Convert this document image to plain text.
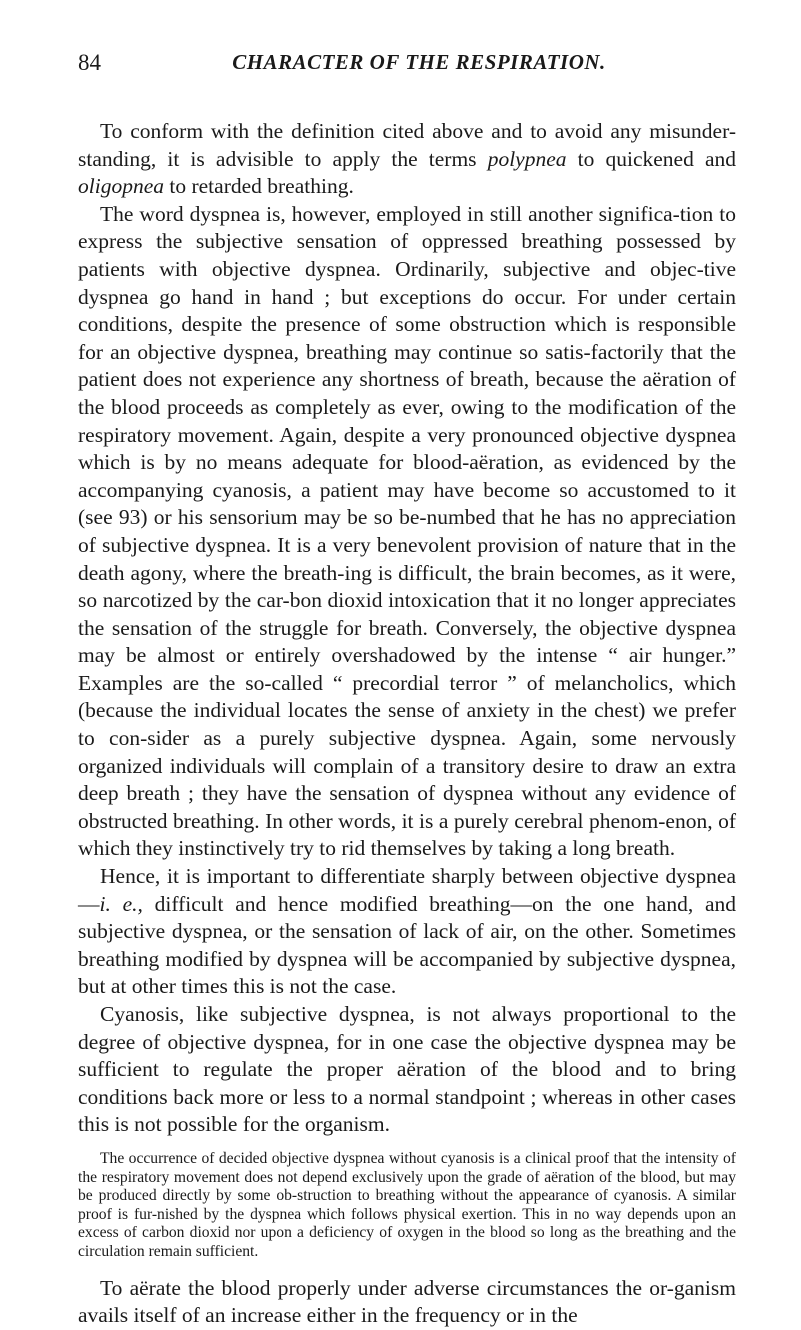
84	CHARACTER OF THE RESPIRATION.

To conform with the definition cited above and to avoid any misunder-standing, it is advisible to apply the terms polypnea to quickened and oligopnea to retarded breathing.

The word dyspnea is, however, employed in still another significa-tion to express the subjective sensation of oppressed breathing possessed by patients with objective dyspnea. Ordinarily, subjective and objec-tive dyspnea go hand in hand ; but exceptions do occur. For under certain conditions, despite the presence of some obstruction which is responsible for an objective dyspnea, breathing may continue so satis-factorily that the patient does not experience any shortness of breath, because the aëration of the blood proceeds as completely as ever, owing to the modification of the respiratory movement. Again, despite a very pronounced objective dyspnea which is by no means adequate for blood-aëration, as evidenced by the accompanying cyanosis, a patient may have become so accustomed to it (see 93) or his sensorium may be so be-numbed that he has no appreciation of subjective dyspnea. It is a very benevolent provision of nature that in the death agony, where the breath-ing is difficult, the brain becomes, as it were, so narcotized by the car-bon dioxid intoxication that it no longer appreciates the sensation of the struggle for breath. Conversely, the objective dyspnea may be almost or entirely overshadowed by the intense “ air hunger.” Examples are the so-called “ precordial terror ” of melancholics, which (because the individual locates the sense of anxiety in the chest) we prefer to con-sider as a purely subjective dyspnea. Again, some nervously organized individuals will complain of a transitory desire to draw an extra deep breath ; they have the sensation of dyspnea without any evidence of obstructed breathing. In other words, it is a purely cerebral phenom-enon, of which they instinctively try to rid themselves by taking a long breath.

Hence, it is important to differentiate sharply between objective dyspnea—i. e., difficult and hence modified breathing—on the one hand, and subjective dyspnea, or the sensation of lack of air, on the other. Sometimes breathing modified by dyspnea will be accompanied by subjective dyspnea, but at other times this is not the case.

Cyanosis, like subjective dyspnea, is not always proportional to the degree of objective dyspnea, for in one case the objective dyspnea may be sufficient to regulate the proper aëration of the blood and to bring conditions back more or less to a normal standpoint ; whereas in other cases this is not possible for the organism.

The occurrence of decided objective dyspnea without cyanosis is a clinical proof that the intensity of the respiratory movement does not depend exclusively upon the grade of aëration of the blood, but may be produced directly by some ob-struction to breathing without the appearance of cyanosis. A similar proof is fur-nished by the dyspnea which follows physical exertion. This in no way depends upon an excess of carbon dioxid nor upon a deficiency of oxygen in the blood so long as the breathing and the circulation remain sufficient.

To aërate the blood properly under adverse circumstances the or-ganism avails itself of an increase either in the frequency or in the
